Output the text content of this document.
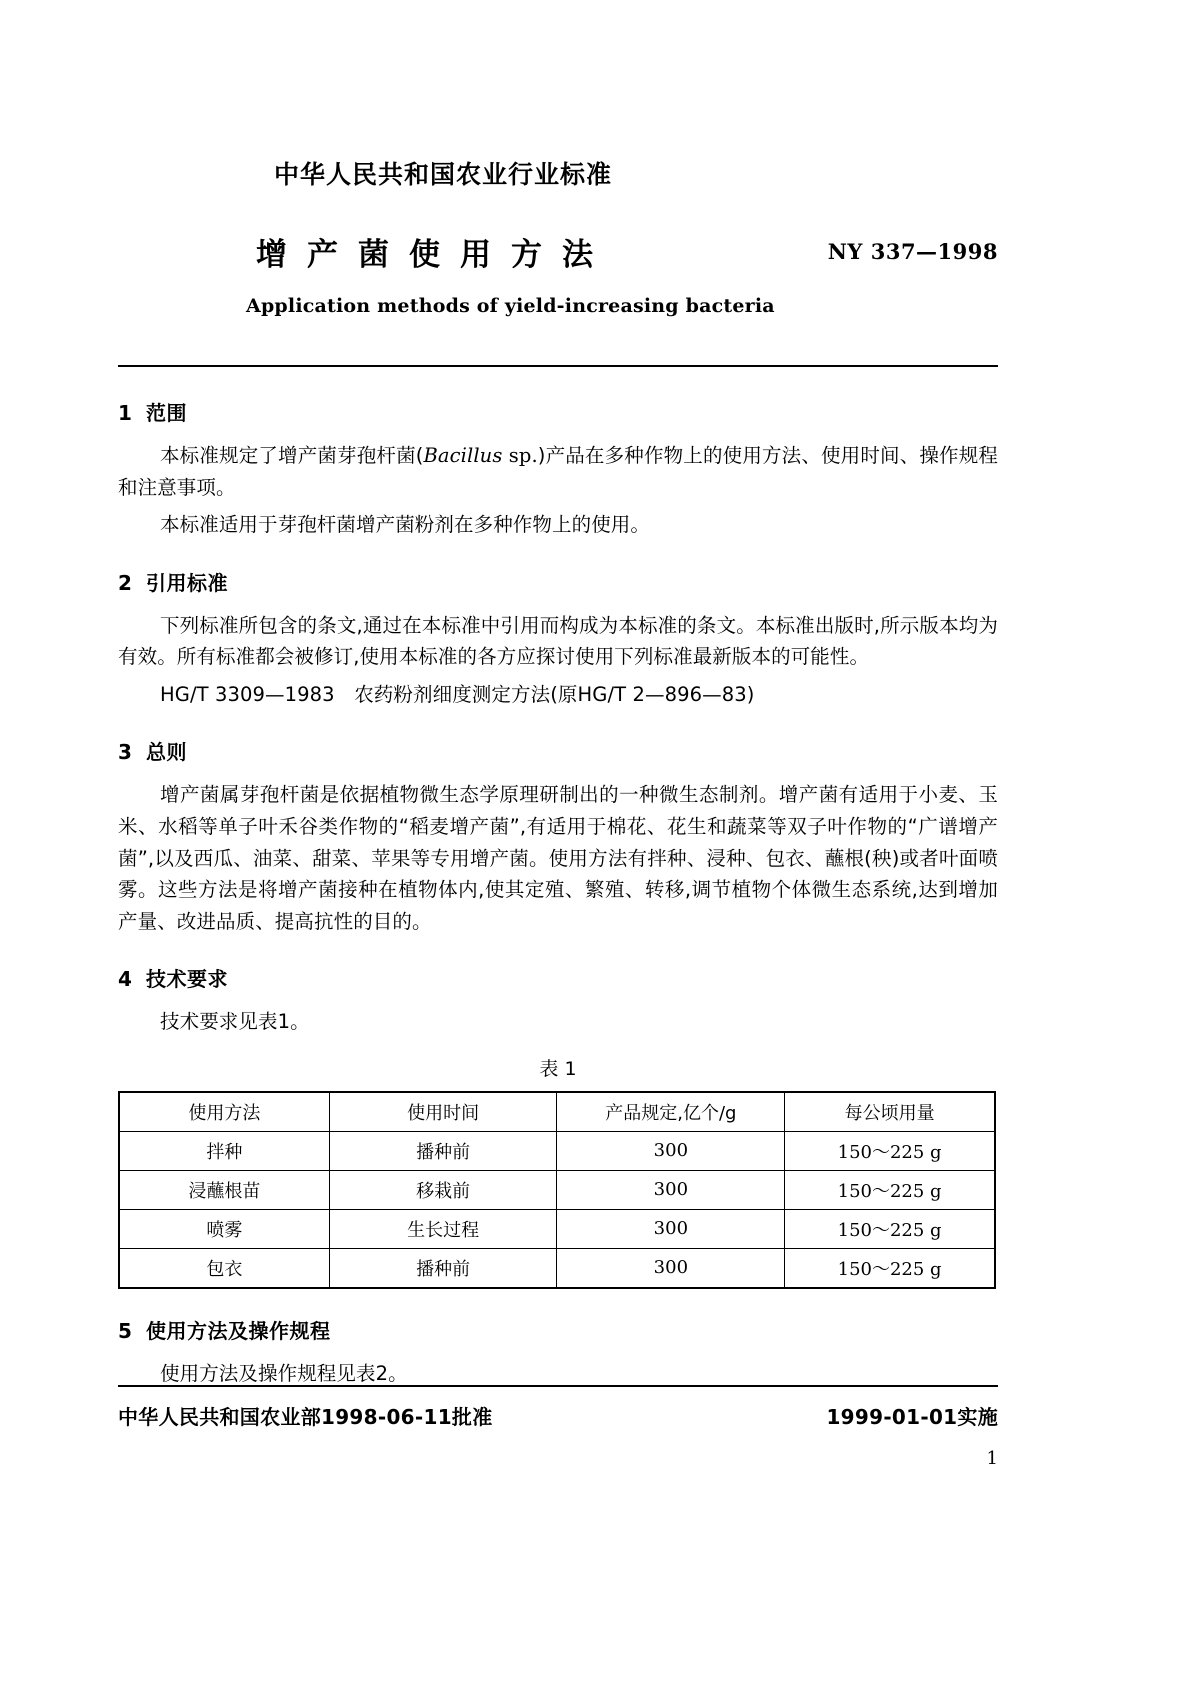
中华人民共和国农业行业标准
增产菌使用方法	NY 337—1998
Application methods of yield-increasing bacteria
1 范围

本标准规定了增产菌芽孢杆菌(Bacillus sp.)产品在多种作物上的使用方法、使用时间、操作规程和注意事项。

本标准适用于芽孢杆菌增产菌粉剂在多种作物上的使用。

2 引用标准

下列标准所包含的条文,通过在本标准中引用而构成为本标准的条文。本标准出版时,所示版本均为有效。所有标准都会被修订,使用本标准的各方应探讨使用下列标准最新版本的可能性。

HG/T 3309—1983　农药粉剂细度测定方法(原HG/T 2—896—83)

3 总则

增产菌属芽孢杆菌是依据植物微生态学原理研制出的一种微生态制剂。增产菌有适用于小麦、玉米、水稻等单子叶禾谷类作物的“稻麦增产菌”,有适用于棉花、花生和蔬菜等双子叶作物的“广谱增产菌”,以及西瓜、油菜、甜菜、苹果等专用增产菌。使用方法有拌种、浸种、包衣、蘸根(秧)或者叶面喷雾。这些方法是将增产菌接种在植物体内,使其定殖、繁殖、转移,调节植物个体微生态系统,达到增加产量、改进品质、提高抗性的目的。

4 技术要求

技术要求见表1。

表 1
使用方法	使用时间	产品规定,亿个/g	每公顷用量
拌种	播种前	300	150～225 g
浸蘸根苗	移栽前	300	150～225 g
喷雾	生长过程	300	150～225 g
包衣	播种前	300	150～225 g
5 使用方法及操作规程

使用方法及操作规程见表2。

中华人民共和国农业部1998-06-11批准	1999-01-01实施
1
